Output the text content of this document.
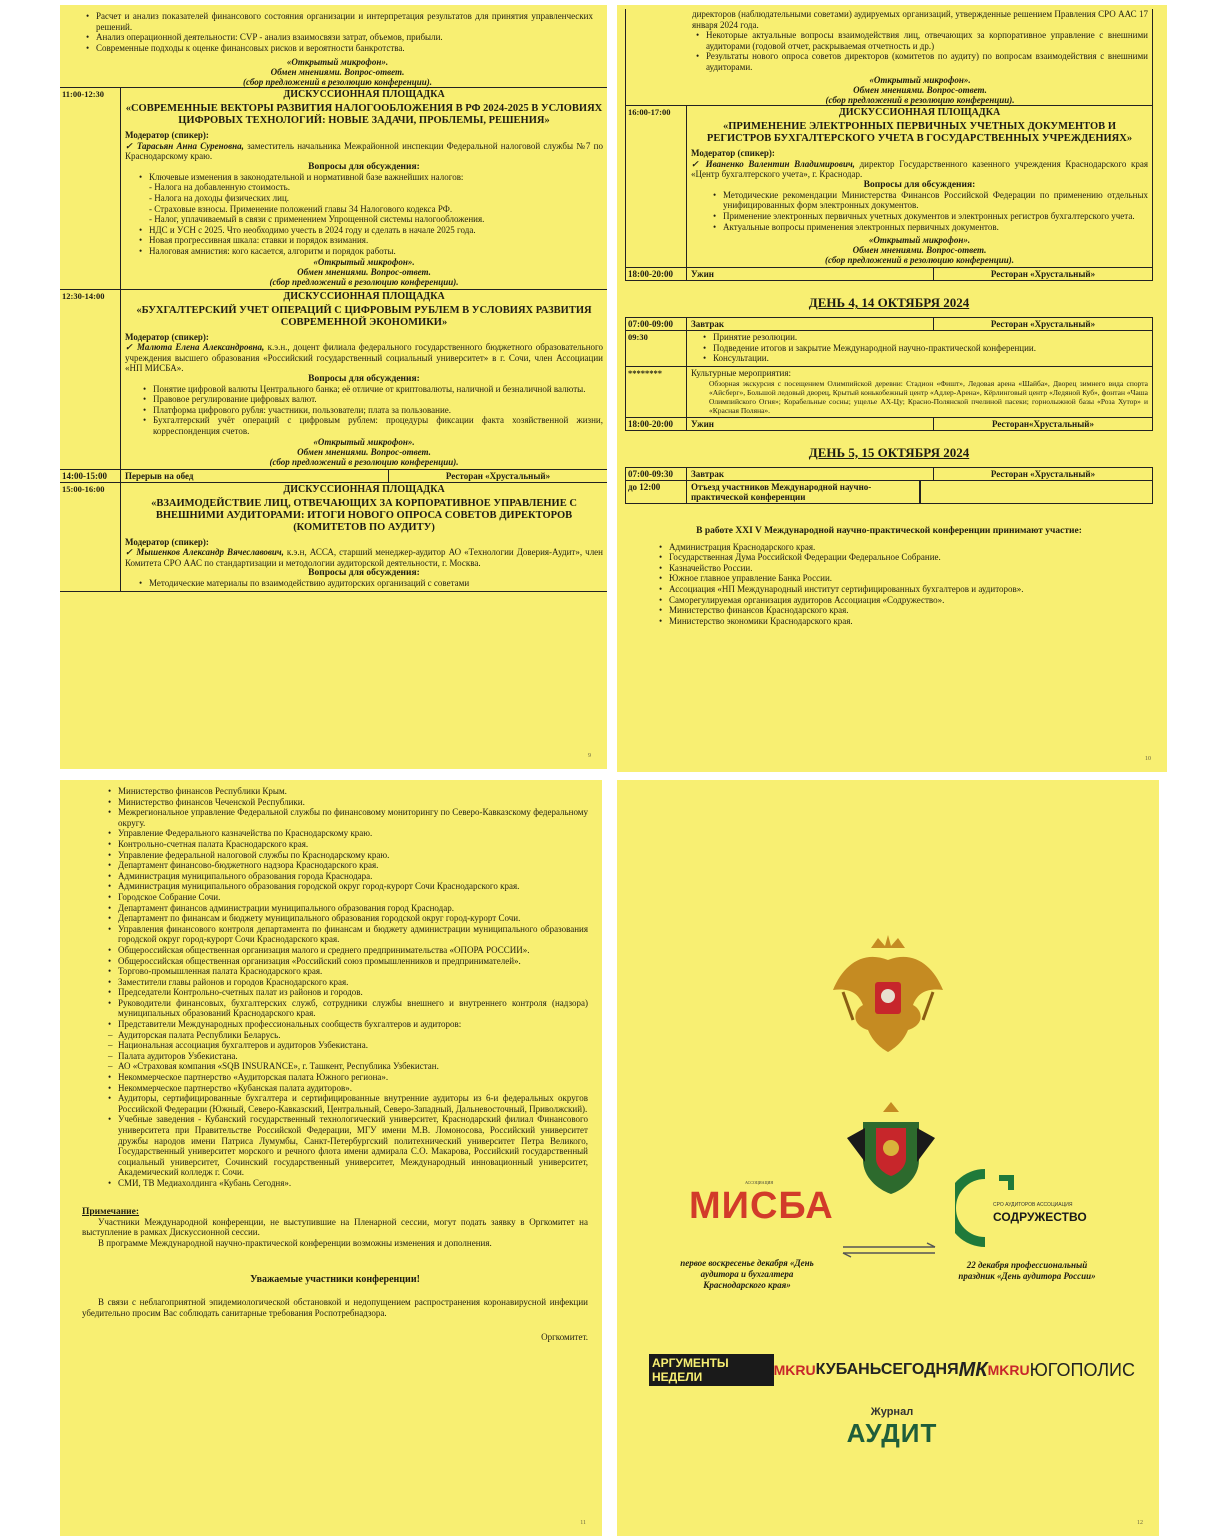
• Расчет и анализ показателей финансового состояния организации и интерпретация результатов для принятия управленческих решений.
• Анализ операционной деятельности: CVP - анализ взаимосвязи затрат, объемов, прибыли.
• Современные подходы к оценке финансовых рисков и вероятности банкротства.
«Открытый микрофон».
Обмен мнениями. Вопрос-ответ.
(сбор предложений в резолюцию конференции).
11:00-12:30	ДИСКУССИОННАЯ ПЛОЩАДКА
«СОВРЕМЕННЫЕ ВЕКТОРЫ РАЗВИТИЯ НАЛОГООБЛОЖЕНИЯ В РФ 2024-2025 В УСЛОВИЯХ ЦИФРОВЫХ ТЕХНОЛОГИЙ: НОВЫЕ ЗАДАЧИ, ПРОБЛЕМЫ, РЕШЕНИЯ»
Модератор (спикер):
✓ Тарасьян Анна Суреновна, заместитель начальника Межрайонной инспекции Федеральной налоговой службы №7 по Краснодарскому краю.
Вопросы для обсуждения:
• Ключевые изменения в законодательной и нормативной базе важнейших налогов:
- Налога на добавленную стоимость.
- Налога на доходы физических лиц.
- Страховые взносы. Применение положений главы 34 Налогового кодекса РФ.
- Налог, уплачиваемый в связи с применением Упрощенной системы налогообложения.
• НДС и УСН с 2025. Что необходимо учесть в 2024 году и сделать в начале 2025 года.
• Новая прогрессивная шкала: ставки и порядок взимания.
• Налоговая амнистия: кого касается, алгоритм и порядок работы.
«Открытый микрофон».
Обмен мнениями. Вопрос-ответ.
(сбор предложений в резолюцию конференции).
12:30-14:00	ДИСКУССИОННАЯ ПЛОЩАДКА
«БУХГАЛТЕРСКИЙ УЧЕТ ОПЕРАЦИЙ С ЦИФРОВЫМ РУБЛЕМ В УСЛОВИЯХ РАЗВИТИЯ СОВРЕМЕННОЙ ЭКОНОМИКИ»
Модератор (спикер):
✓ Малюта Елена Александровна, к.э.н., доцент филиала федерального государственного бюджетного образовательного учреждения высшего образования «Российский государственный социальный университет» в г. Сочи, член Ассоциации «НП МИСБА».
Вопросы для обсуждения:
• Понятие цифровой валюты Центрального банка; её отличие от криптовалюты, наличной и безналичной валюты.
• Правовое регулирование цифровых валют.
• Платформа цифрового рубля: участники, пользователи; плата за пользование.
• Бухгалтерский учёт операций с цифровым рублем: процедуры фиксации факта хозяйственной жизни, корреспонденция счетов.
«Открытый микрофон».
Обмен мнениями. Вопрос-ответ.
(сбор предложений в резолюцию конференции).
14:00-15:00	Перерыв на обед	Ресторан «Хрустальный»
15:00-16:00	ДИСКУССИОННАЯ ПЛОЩАДКА
«ВЗАИМОДЕЙСТВИЕ ЛИЦ, ОТВЕЧАЮЩИХ ЗА КОРПОРАТИВНОЕ УПРАВЛЕНИЕ С ВНЕШНИМИ АУДИТОРАМИ: ИТОГИ НОВОГО ОПРОСА СОВЕТОВ ДИРЕКТОРОВ (КОМИТЕТОВ ПО АУДИТУ)
Модератор (спикер):
✓ Мышенков Александр Вячеславович, к.э.н, АССА, старший менеджер-аудитор АО «Технологии Доверия-Аудит», член Комитета СРО ААС по стандартизации и методологии аудиторской деятельности, г. Москва.
Вопросы для обсуждения:
• Методические материалы по взаимодействию аудиторских организаций с советами
9
директоров (наблюдательными советами) аудируемых организаций, утвержденные решением Правления СРО ААС 17 января 2024 года.
• Некоторые актуальные вопросы взаимодействия лиц, отвечающих за корпоративное управление с внешними аудиторами (годовой отчет, раскрываемая отчетность и др.)
• Результаты нового опроса советов директоров (комитетов по аудиту) по вопросам взаимодействия с внешними аудиторами.
«Открытый микрофон».
Обмен мнениями. Вопрос-ответ.
(сбор предложений в резолюцию конференции).
16:00-17:00	ДИСКУССИОННАЯ ПЛОЩАДКА
«ПРИМЕНЕНИЕ ЭЛЕКТРОННЫХ ПЕРВИЧНЫХ УЧЕТНЫХ ДОКУМЕНТОВ И РЕГИСТРОВ БУХГАЛТЕРСКОГО УЧЕТА В ГОСУДАРСТВЕННЫХ УЧРЕЖДЕНИЯХ»
Модератор (спикер):
✓ Иваненко Валентин Владимирович, директор Государственного казенного учреждения Краснодарского края «Центр бухгалтерского учета», г. Краснодар.
Вопросы для обсуждения:
• Методические рекомендации Министерства Финансов Российской Федерации по применению отдельных унифицированных форм электронных документов.
• Применение электронных первичных учетных документов и электронных регистров бухгалтерского учета.
• Актуальные вопросы применения электронных первичных документов.
«Открытый микрофон».
Обмен мнениями. Вопрос-ответ.
(сбор предложений в резолюцию конференции).
18:00-20:00	Ужин	Ресторан «Хрустальный»
ДЕНЬ 4, 14 ОКТЯБРЯ 2024
07:00-09:00	Завтрак	Ресторан «Хрустальный»
09:30
•	Принятие резолюции.
• Подведение итогов и закрытие Международной научно-практической конференции.
• Консультации.
********	Культурные мероприятия:
Обзорная экскурсия с посещением Олимпийской деревни: Стадион «Фишт», Ледовая арена «Шайба», Дворец зимнего вида спорта «Айсберг», Большой ледовый дворец, Крытый конькобежный центр «Адлер-Арена», Кёрлинговый центр «Ледяной Куб», фонтан «Чаша Олимпийского Огня»; Корабельные сосны; ущелье АХ-Цу; Красно-Полянской пчелиной пасеки; горнолыжной базы «Роза Хутор» и «Красная Поляна».
18:00-20:00	Ужин	Ресторан«Хрустальный»
ДЕНЬ 5, 15 ОКТЯБРЯ 2024
07:00-09:30	Завтрак	Ресторан «Хрустальный»
до 12:00	Отъезд участников Международной научно-практической конференции
В работе XXI V Международной научно-практической конференции принимают участие:
• Администрация Краснодарского края.
• Государственная Дума Российской Федерации Федеральное Собрание.
• Казначейство России.
• Южное главное управление Банка России.
• Ассоциация «НП Международный институт сертифицированных бухгалтеров и аудиторов».
• Саморегулируемая организация аудиторов Ассоциация «Содружество».
• Министерство финансов Краснодарского края.
• Министерство экономики Краснодарского края.
10
• Министерство финансов Республики Крым.
• Министерство финансов Чеченской Республики.
• Межрегиональное управление Федеральной службы по финансовому мониторингу по Северо-Кавказскому федеральному округу.
• Управление Федерального казначейства по Краснодарскому краю.
• Контрольно-счетная палата Краснодарского края.
• Управление федеральной налоговой службы по Краснодарскому краю.
• Департамент финансово-бюджетного надзора Краснодарского края.
• Администрация муниципального образования города Краснодара.
• Администрация муниципального образования городской округ город-курорт Сочи Краснодарского края.
• Городское Собрание Сочи.
• Департамент финансов администрации муниципального образования город Краснодар.
• Департамент по финансам и бюджету муниципального образования городской округ город-курорт Сочи.
• Управления финансового контроля департамента по финансам и бюджету администрации муниципального образования городской округ город-курорт Сочи Краснодарского края.
• Общероссийская общественная организация малого и среднего предпринимательства «ОПОРА РОССИИ».
• Общероссийская общественная организация «Российский союз промышленников и предпринимателей».
• Торгово-промышленная палата Краснодарского края.
• Заместители главы районов и городов Краснодарского края.
• Председатели Контрольно-счетных палат из районов и городов.
• Руководители финансовых, бухгалтерских служб, сотрудники службы внешнего и внутреннего контроля (надзора) муниципальных образований Краснодарского края.
• Представители Международных профессиональных сообществ бухгалтеров и аудиторов:
– Аудиторская палата Республики Беларусь.
– Национальная ассоциация бухгалтеров и аудиторов Узбекистана.
– Палата аудиторов Узбекистана.
– АО «Страховая компания «SQB INSURANCE», г. Ташкент, Республика Узбекистан.
• Некоммерческое партнерство «Аудиторская палата Южного региона».
• Некоммерческое партнерство «Кубанская палата аудиторов».
• Аудиторы, сертифицированные бухгалтера и сертифицированные внутренние аудиторы из 6-и федеральных округов Российской Федерации (Южный, Северо-Кавказский, Центральный, Северо-Западный, Дальневосточный, Приволжский).
• Учебные заведения - Кубанский государственный технологический университет, Краснодарский филиал Финансового университета при Правительстве Российской Федерации, МГУ имени М.В. Ломоносова, Российский университет дружбы народов имени Патриса Лумумбы, Санкт-Петербургский политехнический университет Петра Великого, Государственный университет морского и речного флота имени адмирала С.О. Макарова, Российский государственный социальный университет, Сочинский государственный университет, Международный инновационный университет, Академический колледж г. Сочи.
• СМИ, ТВ Медиахолдинга «Кубань Сегодня».
Примечание:
Участники Международной конференции, не выступившие на Пленарной сессии, могут подать заявку в Оргкомитет на выступление в рамках Дискуссионной сессии.
В программе Международной научно-практической конференции возможны изменения и дополнения.
Уважаемые участники конференции!
В связи с неблагоприятной эпидемиологической обстановкой и недопущением распространения коронавирусной инфекции убедительно просим Вас соблюдать санитарные требования Роспотребнадзора.
Оргкомитет.
11
АССОЦИАЦИЯ
МИСБА	СРО АУДИТОРОВ АССОЦИАЦИЯ
СОДРУЖЕСТВО
первое воскресенье декабря «День аудитора и бухгалтера Краснодарского края»
22 декабря профессиональный праздник «День аудитора России»
АРГУМЕНТЫ НЕДЕЛИ	MKRU КУБАНЬСЕГОДНЯ МК MKRU ЮГОПОЛИС
Журнал
АУДИТ
12
